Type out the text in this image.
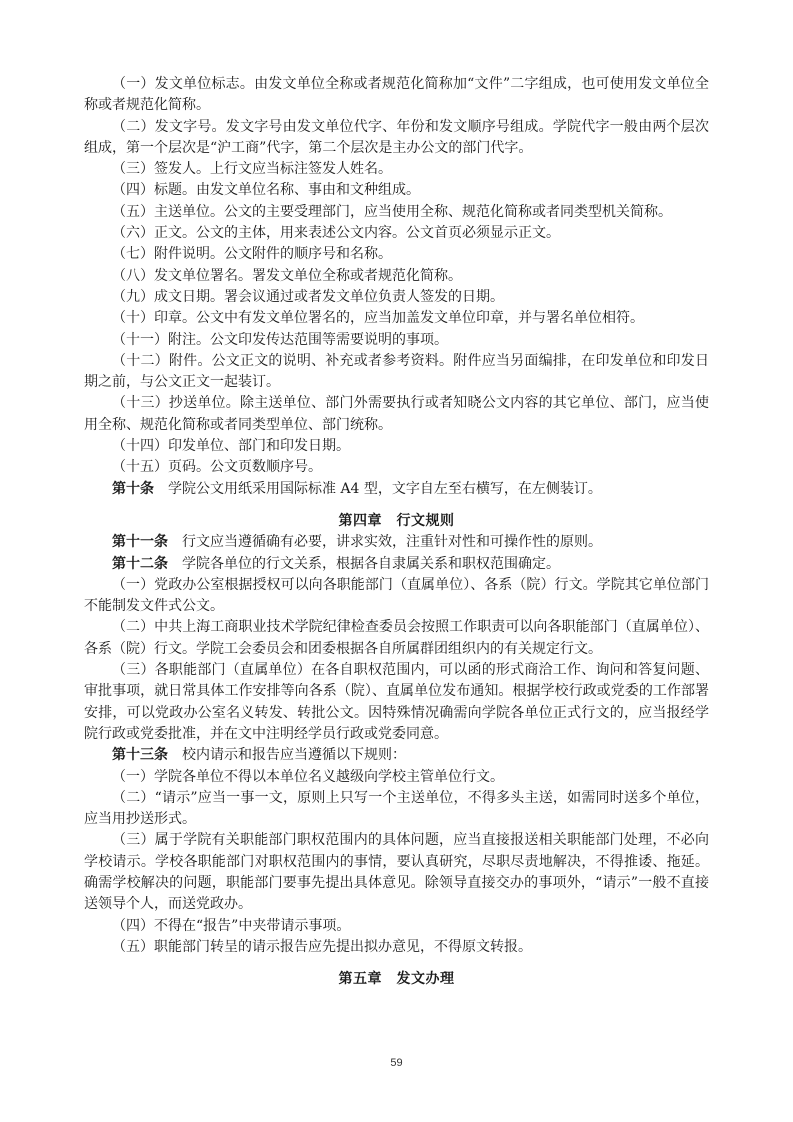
（一）发文单位标志。由发文单位全称或者规范化简称加“文件”二字组成，也可使用发文单位全称或者规范化简称。

（二）发文字号。发文字号由发文单位代字、年份和发文顺序号组成。学院代字一般由两个层次组成，第一个层次是“沪工商”代字，第二个层次是主办公文的部门代字。

（三）签发人。上行文应当标注签发人姓名。

（四）标题。由发文单位名称、事由和文种组成。

（五）主送单位。公文的主要受理部门，应当使用全称、规范化简称或者同类型机关简称。

（六）正文。公文的主体，用来表述公文内容。公文首页必须显示正文。

（七）附件说明。公文附件的顺序号和名称。

（八）发文单位署名。署发文单位全称或者规范化简称。

（九）成文日期。署会议通过或者发文单位负责人签发的日期。

（十）印章。公文中有发文单位署名的，应当加盖发文单位印章，并与署名单位相符。

（十一）附注。公文印发传达范围等需要说明的事项。

（十二）附件。公文正文的说明、补充或者参考资料。附件应当另面编排，在印发单位和印发日期之前，与公文正文一起装订。

（十三）抄送单位。除主送单位、部门外需要执行或者知晓公文内容的其它单位、部门，应当使用全称、规范化简称或者同类型单位、部门统称。

（十四）印发单位、部门和印发日期。

（十五）页码。公文页数顺序号。

第十条　 学院公文用纸采用国际标准 A4 型，文字自左至右横写，在左侧装订。

第四章　行文规则

第十一条　 行文应当遵循确有必要，讲求实效，注重针对性和可操作性的原则。

第十二条　 学院各单位的行文关系，根据各自隶属关系和职权范围确定。

（一）党政办公室根据授权可以向各职能部门（直属单位）、各系（院）行文。学院其它单位部门不能制发文件式公文。

（二）中共上海工商职业技术学院纪律检查委员会按照工作职责可以向各职能部门（直属单位）、各系（院）行文。学院工会委员会和团委根据各自所属群团组织内的有关规定行文。

（三）各职能部门（直属单位）在各自职权范围内，可以函的形式商洽工作、询问和答复问题、审批事项，就日常具体工作安排等向各系（院）、直属单位发布通知。根据学校行政或党委的工作部署安排，可以党政办公室名义转发、转批公文。因特殊情况确需向学院各单位正式行文的，应当报经学院行政或党委批准，并在文中注明经学员行政或党委同意。

第十三条　 校内请示和报告应当遵循以下规则：

（一）学院各单位不得以本单位名义越级向学校主管单位行文。

（二）“请示”应当一事一文，原则上只写一个主送单位，不得多头主送，如需同时送多个单位，应当用抄送形式。

（三）属于学院有关职能部门职权范围内的具体问题，应当直接报送相关职能部门处理，不必向学校请示。学校各职能部门对职权范围内的事情，要认真研究，尽职尽责地解决，不得推诿、拖延。确需学校解决的问题，职能部门要事先提出具体意见。除领导直接交办的事项外，“请示”一般不直接送领导个人，而送党政办。

（四）不得在“报告”中夹带请示事项。

（五）职能部门转呈的请示报告应先提出拟办意见，不得原文转报。

第五章　发文办理

59
